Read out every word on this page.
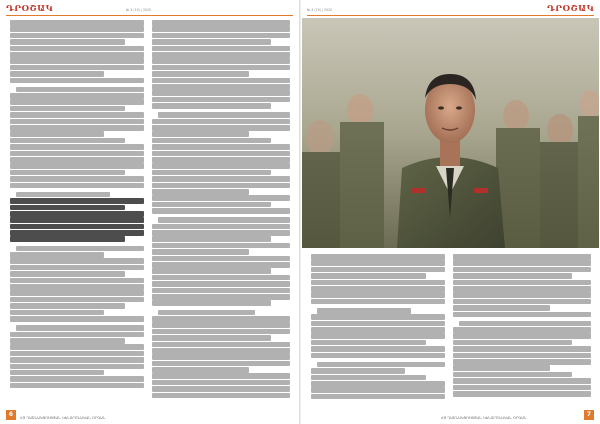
ԴՐՕՇԱԿ	№ 4 (19) | 2020
6	ՀՅ ԴԱՇՆԱԿՑՈՒԹՅԱՆ ԿԵՆՏՐՈՆԱԿԱՆ ՕՐԳԱՆ
№ 4 (19) | 2020	ԴՐՕՇԱԿ
ՀՅ ԴԱՇՆԱԿՑՈՒԹՅԱՆ ԿԵՆՏՐՈՆԱԿԱՆ ՕՐԳԱՆ	7
